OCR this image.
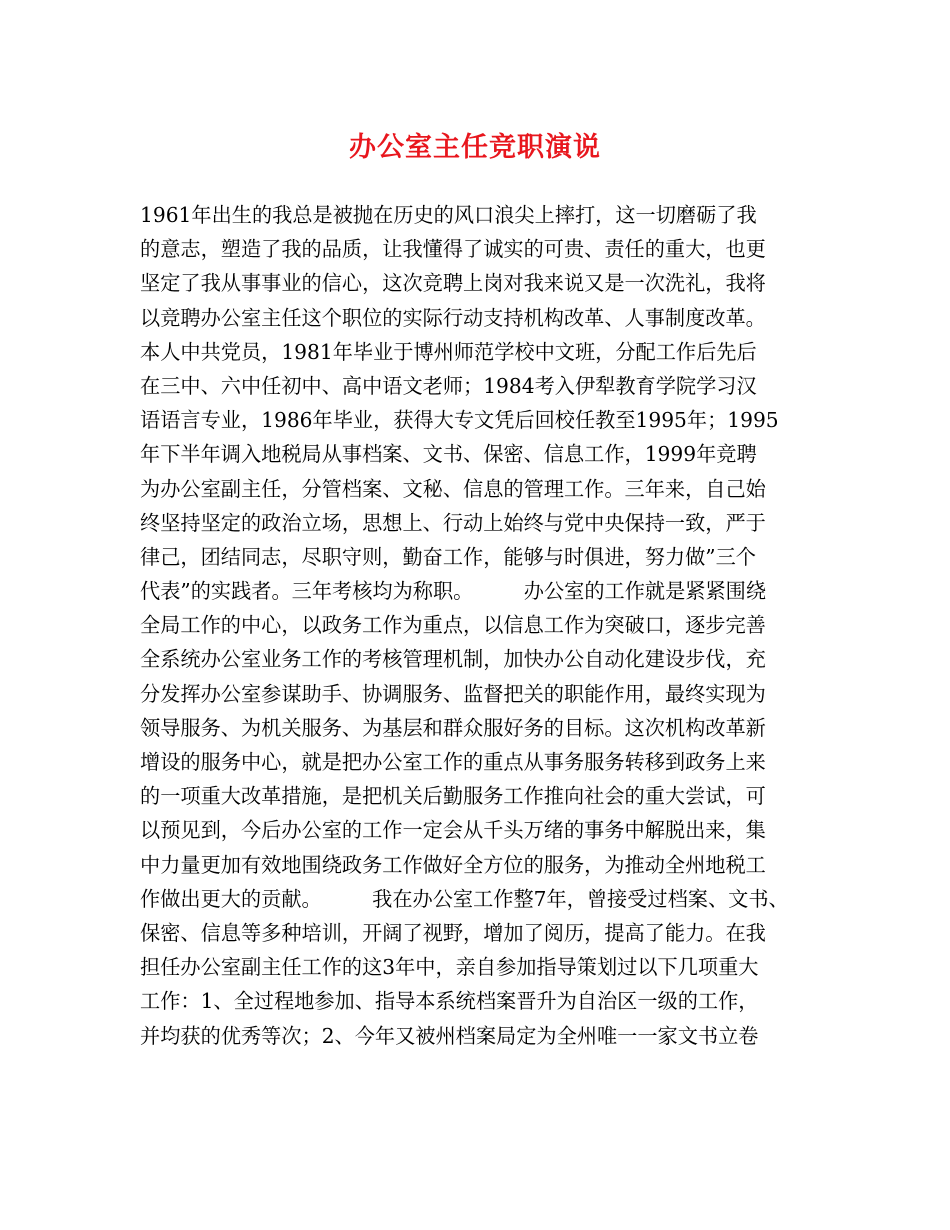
办公室主任竞职演说
1961年出生的我总是被抛在历史的风口浪尖上摔打，这一切磨砺了我
的意志，塑造了我的品质，让我懂得了诚实的可贵、责任的重大，也更
坚定了我从事事业的信心，这次竞聘上岗对我来说又是一次洗礼，我将
以竞聘办公室主任这个职位的实际行动支持机构改革、人事制度改革。
本人中共党员，1981年毕业于博州师范学校中文班，分配工作后先后
在三中、六中任初中、高中语文老师；1984考入伊犁教育学院学习汉
语语言专业，1986年毕业，获得大专文凭后回校任教至1995年；1995
年下半年调入地税局从事档案、文书、保密、信息工作，1999年竞聘
为办公室副主任，分管档案、文秘、信息的管理工作。三年来，自己始
终坚持坚定的政治立场，思想上、行动上始终与党中央保持一致，严于
律己，团结同志，尽职守则，勤奋工作，能够与时俱进，努力做”三个
代表”的实践者。三年考核均为称职。　　　办公室的工作就是紧紧围绕
全局工作的中心，以政务工作为重点，以信息工作为突破口，逐步完善
全系统办公室业务工作的考核管理机制，加快办公自动化建设步伐，充
分发挥办公室参谋助手、协调服务、监督把关的职能作用，最终实现为
领导服务、为机关服务、为基层和群众服好务的目标。这次机构改革新
增设的服务中心，就是把办公室工作的重点从事务服务转移到政务上来
的一项重大改革措施，是把机关后勤服务工作推向社会的重大尝试，可
以预见到，今后办公室的工作一定会从千头万绪的事务中解脱出来，集
中力量更加有效地围绕政务工作做好全方位的服务，为推动全州地税工
作做出更大的贡献。　　　我在办公室工作整7年，曾接受过档案、文书、
保密、信息等多种培训，开阔了视野，增加了阅历，提高了能力。在我
担任办公室副主任工作的这3年中，亲自参加指导策划过以下几项重大
工作：1、全过程地参加、指导本系统档案晋升为自治区一级的工作，
并均获的优秀等次；2、今年又被州档案局定为全州唯一一家文书立卷
